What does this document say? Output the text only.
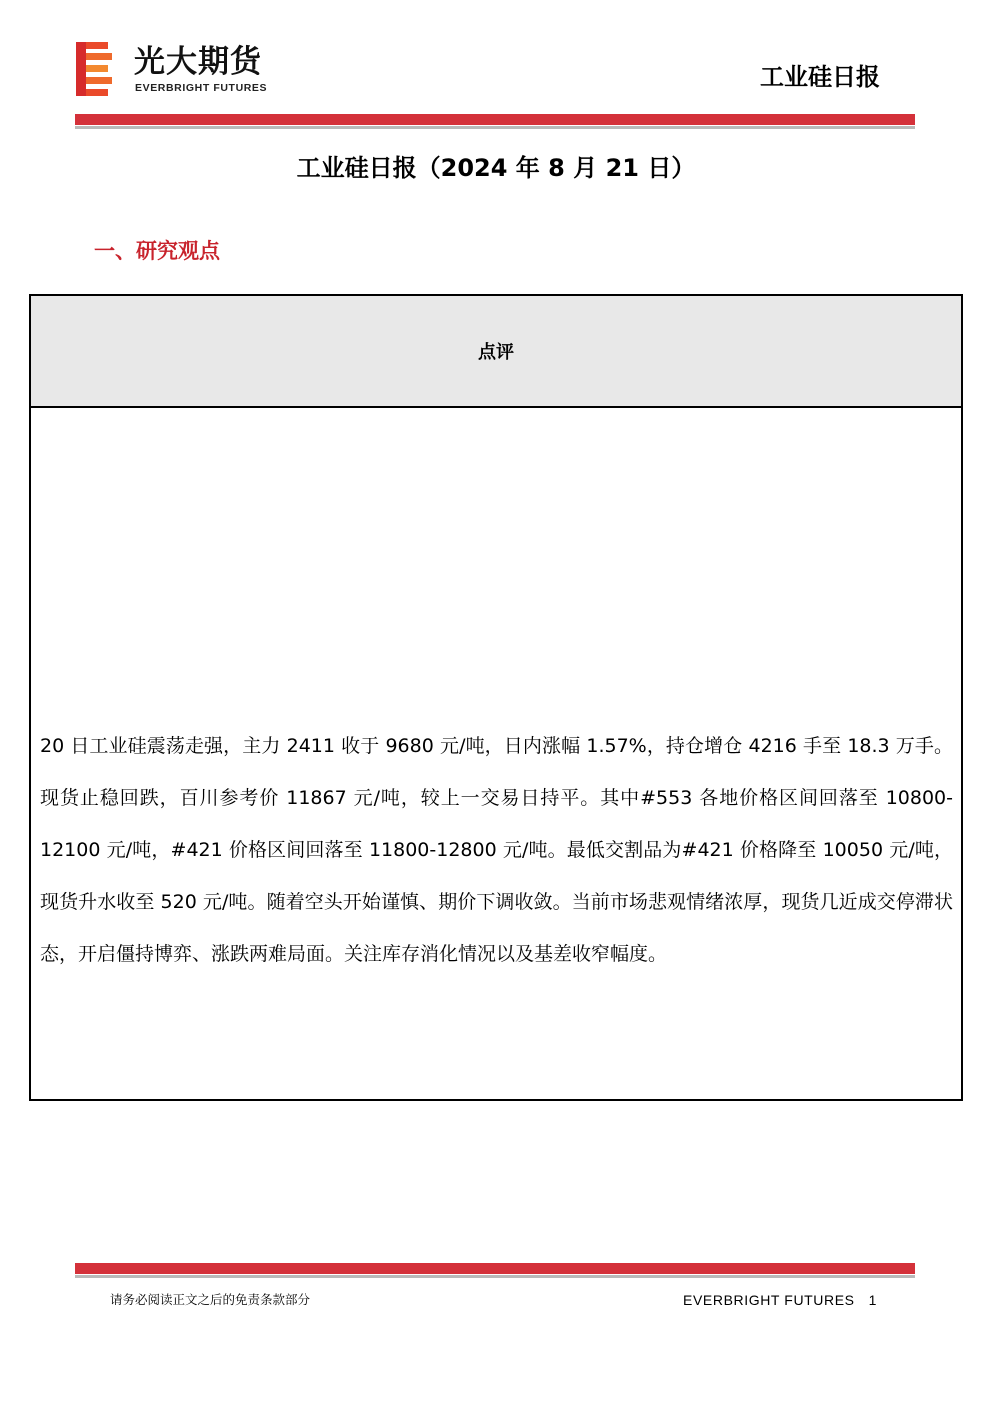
光大期货
EVERBRIGHT FUTURES	工业硅日报
工业硅日报（2024 年 8 月 21 日）
一、研究观点
点评

20 日工业硅震荡走强，主力 2411 收于 9680 元/吨，日内涨幅 1.57%，持仓增仓 4216 手至 18.3 万手。现货止稳回跌，百川参考价 11867 元/吨，较上一交易日持平。其中#553 各地价格区间回落至 10800-12100 元/吨，#421 价格区间回落至 11800-12800 元/吨。最低交割品为#421 价格降至 10050 元/吨，现货升水收至 520 元/吨。随着空头开始谨慎、期价下调收敛。当前市场悲观情绪浓厚，现货几近成交停滞状态，开启僵持博弈、涨跌两难局面。关注库存消化情况以及基差收窄幅度。

请务必阅读正文之后的免责条款部分	EVERBRIGHT FUTURES 1
